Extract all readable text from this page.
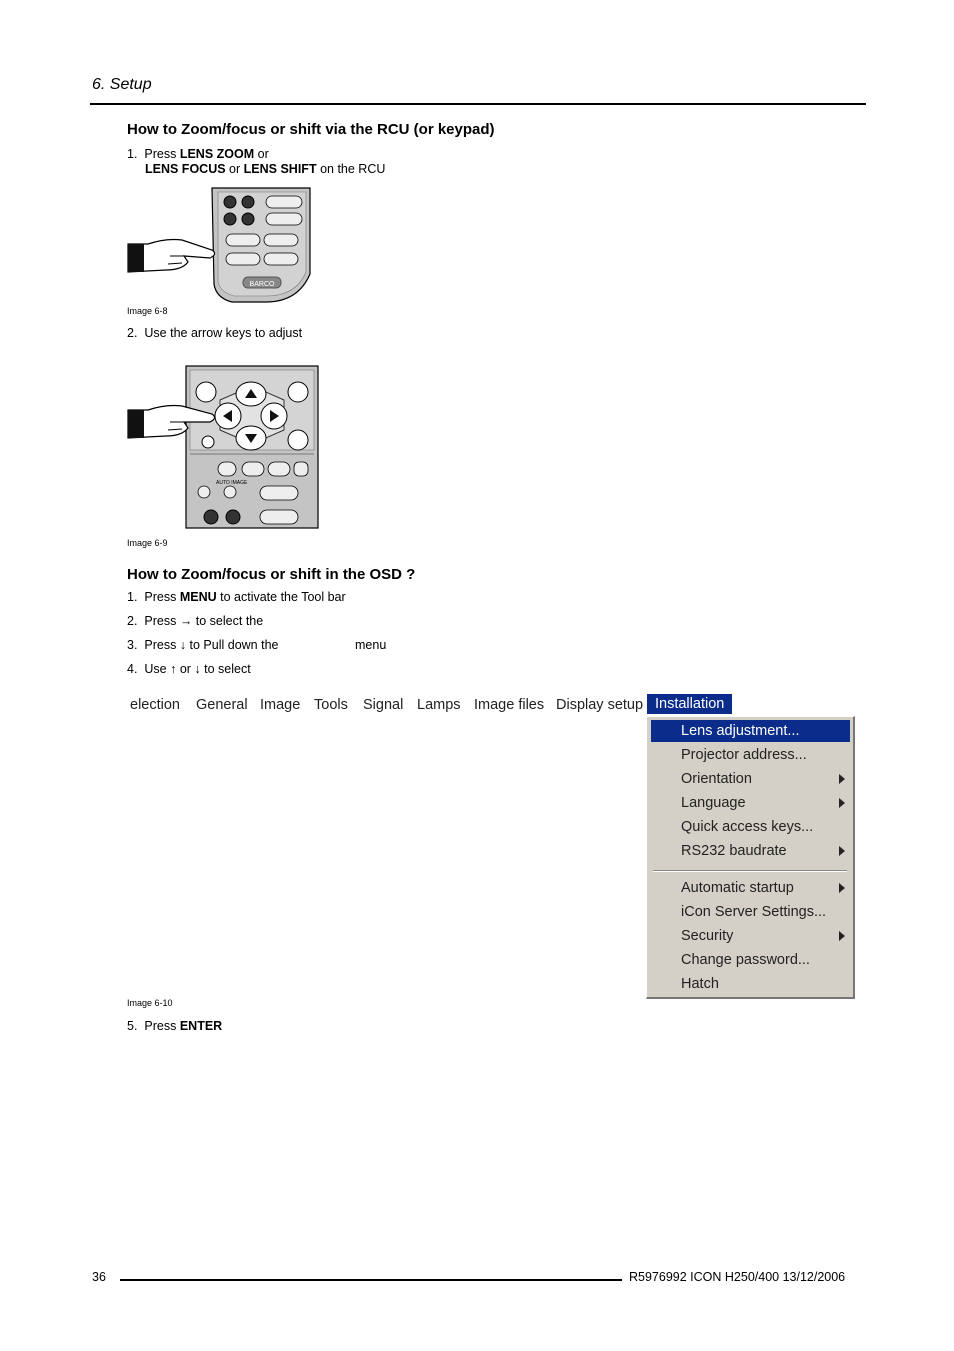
6. Setup
How to Zoom/focus or shift via the RCU (or keypad)
1. Press LENS ZOOM or
LENS FOCUS or LENS SHIFT on the RCU
BARCO
Image 6-8
2. Use the arrow keys to adjust
AUTO IMAGE
Image 6-9
How to Zoom/focus or shift in the OSD ?
1. Press MENU to activate the Tool bar
2. Press → to select the
3. Press ↓ to Pull down the	menu
4. Use ↑ or ↓ to select
election General Image Tools Signal Lamps Image files Display setup Installation
Lens adjustment...
Projector address...
Orientation
Language
Quick access keys...
RS232 baudrate
Automatic startup
iCon Server Settings...
Security
Change password...
Hatch
Image 6-10
5. Press ENTER
36	R5976992 ICON H250/400 13/12/2006
